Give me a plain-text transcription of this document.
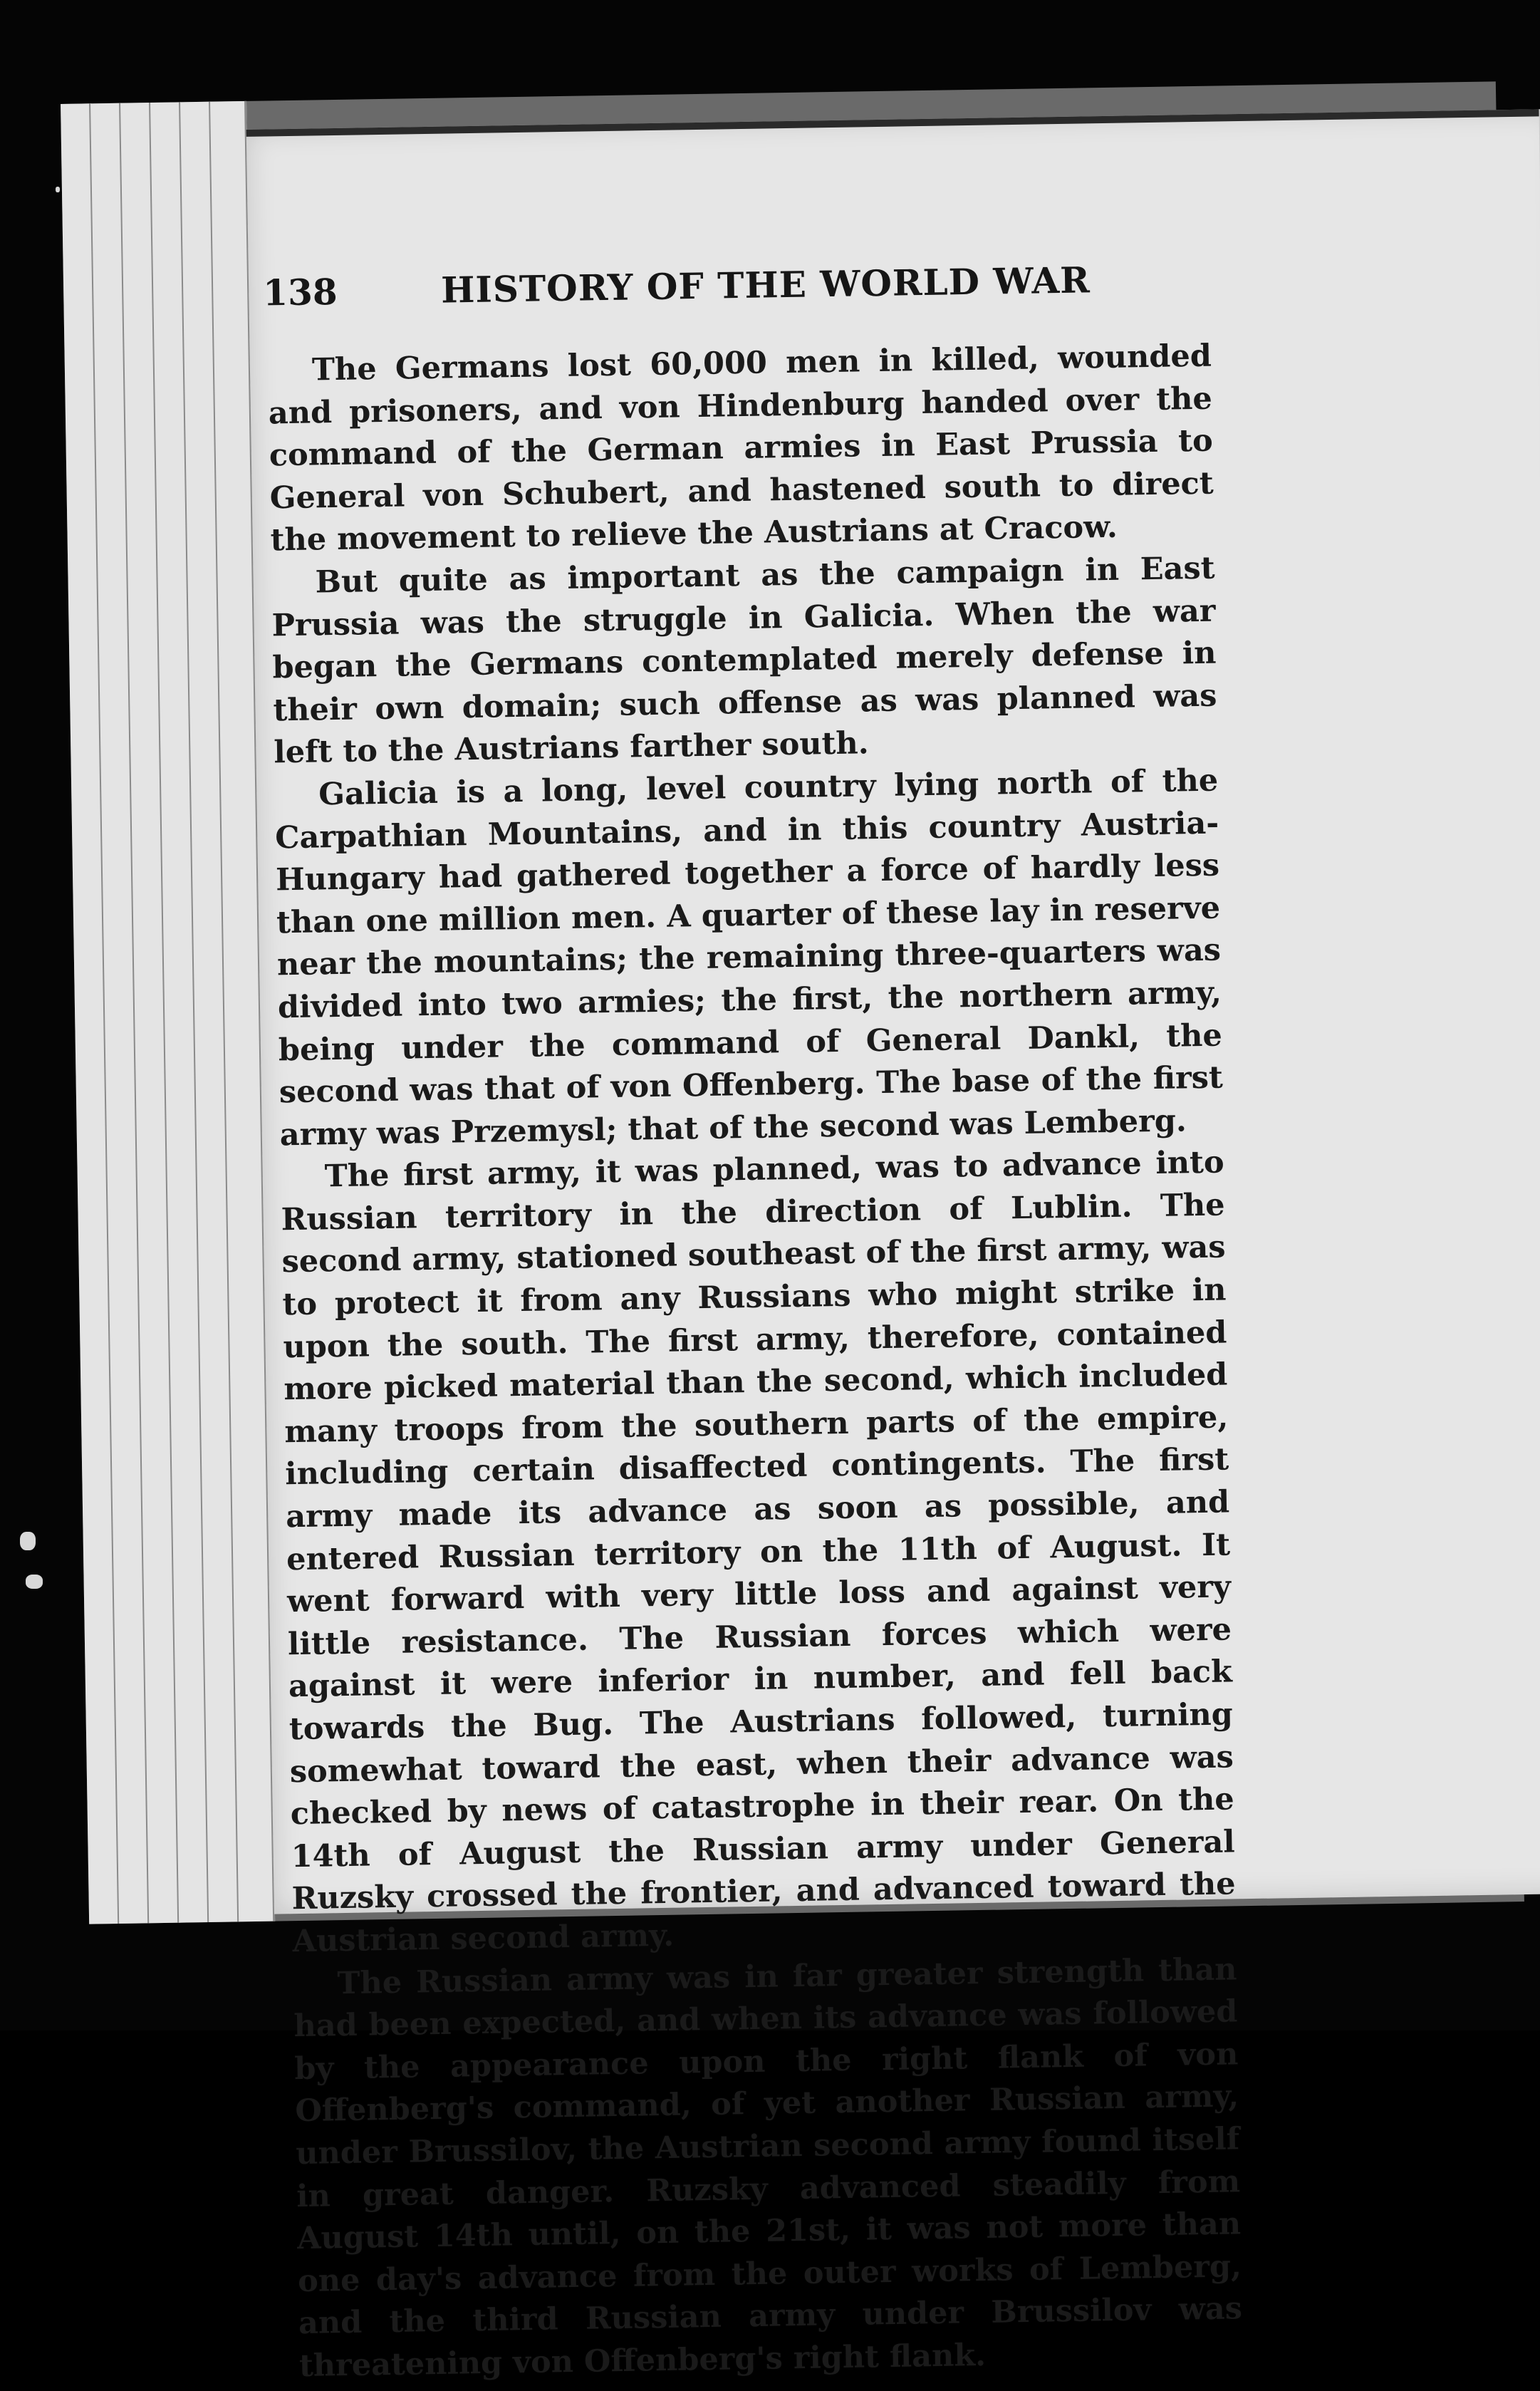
138	HISTORY OF THE WORLD WAR

The Germans lost 60,000 men in killed, wounded and prisoners, and von Hindenburg handed over the command of the German armies in East Prussia to General von Schubert, and hastened south to direct the movement to relieve the Austrians at Cracow.

But quite as important as the campaign in East Prussia was the struggle in Galicia. When the war began the Germans contemplated merely defense in their own domain; such offense as was planned was left to the Austrians farther south.

Galicia is a long, level country lying north of the Carpathian Mountains, and in this country Austria-Hungary had gathered together a force of hardly less than one million men. A quarter of these lay in reserve near the mountains; the remaining three-quarters was divided into two armies; the first, the northern army, being under the command of General Dankl, the second was that of von Offenberg. The base of the first army was Przemysl; that of the second was Lemberg.

The first army, it was planned, was to advance into Russian territory in the direction of Lublin. The second army, stationed southeast of the first army, was to protect it from any Russians who might strike in upon the south. The first army, therefore, contained more picked material than the second, which included many troops from the southern parts of the empire, including certain disaffected contingents. The first army made its advance as soon as possible, and entered Russian territory on the 11th of August. It went forward with very little loss and against very little resistance. The Russian forces which were against it were inferior in number, and fell back towards the Bug. The Austrians followed, turning somewhat toward the east, when their advance was checked by news of catastrophe in their rear. On the 14th of August the Russian army under General Ruzsky crossed the frontier, and advanced toward the Austrian second army.

The Russian army was in far greater strength than had been expected, and when its advance was followed by the appearance upon the right flank of von Offenberg's command, of yet another Russian army, under Brussilov, the Austrian second army found itself in great danger. Ruzsky advanced steadily from August 14th until, on the 21st, it was not more than one day's advance from the outer works of Lemberg, and the third Russian army under Brussilov was threatening von Offenberg's right flank.
